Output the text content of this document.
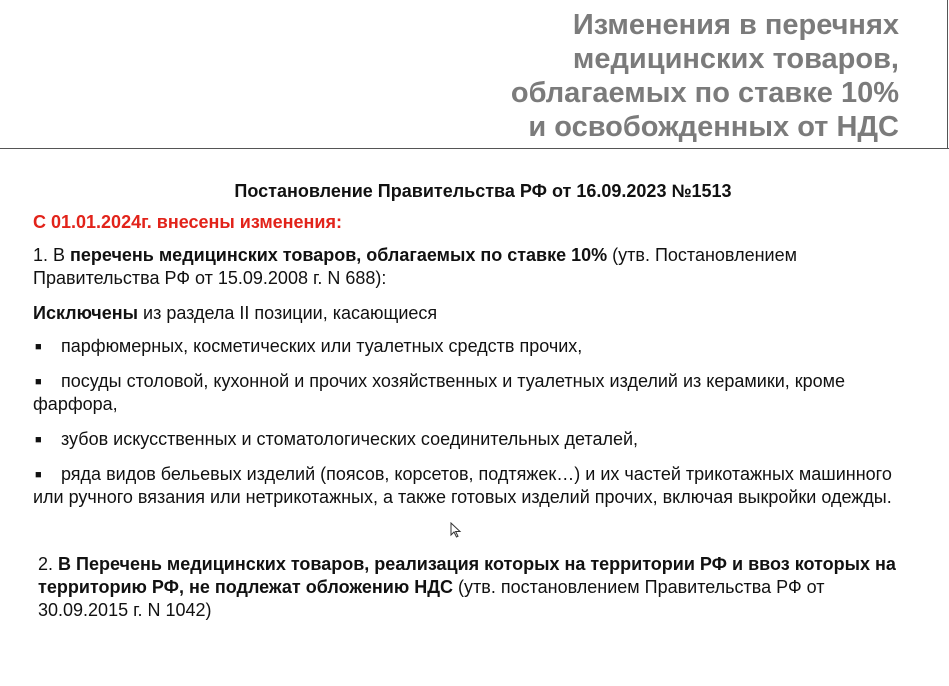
Изменения в перечнях
медицинских товаров,
облагаемых по ставке 10%
и освобожденных от НДС
Постановление Правительства РФ от 16.09.2023 №1513
С 01.01.2024г. внесены изменения:
1. В перечень медицинских товаров, облагаемых по ставке 10% (утв. Постановлением Правительства РФ от 15.09.2008 г. N 688):
Исключены из раздела II позиции, касающиеся
■ парфюмерных, косметических или туалетных средств прочих,
■ посуды столовой, кухонной и прочих хозяйственных и туалетных изделий из керамики, кроме фарфора,
■ зубов искусственных и стоматологических соединительных деталей,
■ ряда видов бельевых изделий (поясов, корсетов, подтяжек…) и их частей трикотажных машинного или ручного вязания или нетрикотажных, а также готовых изделий прочих, включая выкройки одежды.
2. В Перечень медицинских товаров, реализация которых на территории РФ и ввоз которых на территорию РФ, не подлежат обложению НДС (утв. постановлением Правительства РФ от 30.09.2015 г. N 1042)
